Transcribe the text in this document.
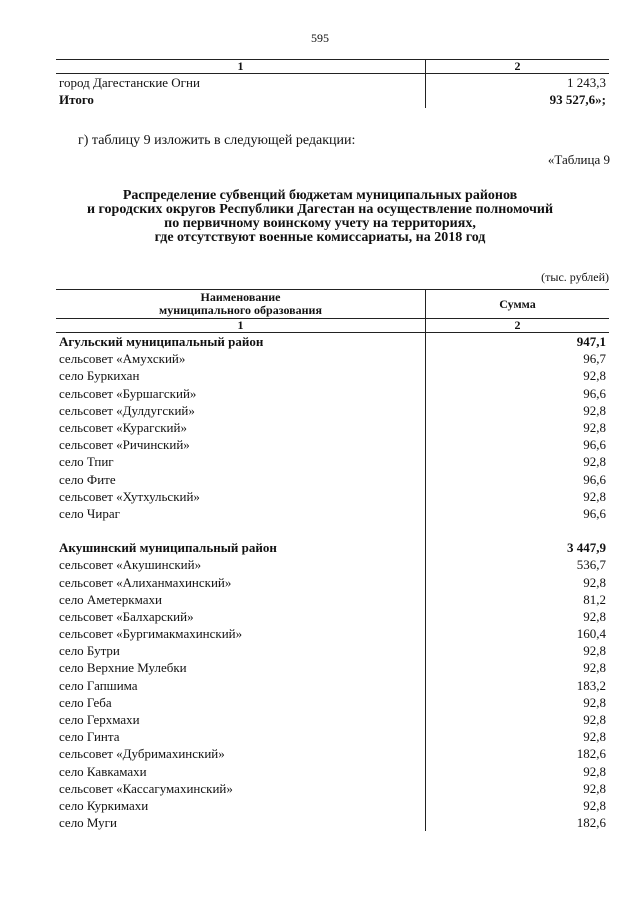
595
1	2
город Дагестанские Огни	1 243,3
Итого	93 527,6»;
г) таблицу 9 изложить в следующей редакции:
«Таблица 9
Распределение субвенций бюджетам муниципальных районов
и городских округов Республики Дагестан на осуществление полномочий
по первичному воинскому учету на территориях,
где отсутствуют военные комиссариаты, на 2018 год
(тыс. рублей)
Наименование
муниципального образования	Сумма
1	2
Агульский муниципальный район	947,1
сельсовет «Амухский»	96,7
село Буркихан	92,8
сельсовет «Буршагский»	96,6
сельсовет «Дулдугский»	92,8
сельсовет «Курагский»	92,8
сельсовет «Ричинский»	96,6
село Тпиг	92,8
село Фите	96,6
сельсовет «Хутхульский»	92,8
село Чираг	96,6

Акушинский муниципальный район	3 447,9
сельсовет «Акушинский»	536,7
сельсовет «Алиханмахинский»	92,8
село Аметеркмахи	81,2
сельсовет «Балхарский»	92,8
сельсовет «Бургимакмахинский»	160,4
село Бутри	92,8
село Верхние Мулебки	92,8
село Гапшима	183,2
село Геба	92,8
село Герхмахи	92,8
село Гинта	92,8
сельсовет «Дубримахинский»	182,6
село Кавкамахи	92,8
сельсовет «Кассагумахинский»	92,8
село Куркимахи	92,8
село Муги	182,6
